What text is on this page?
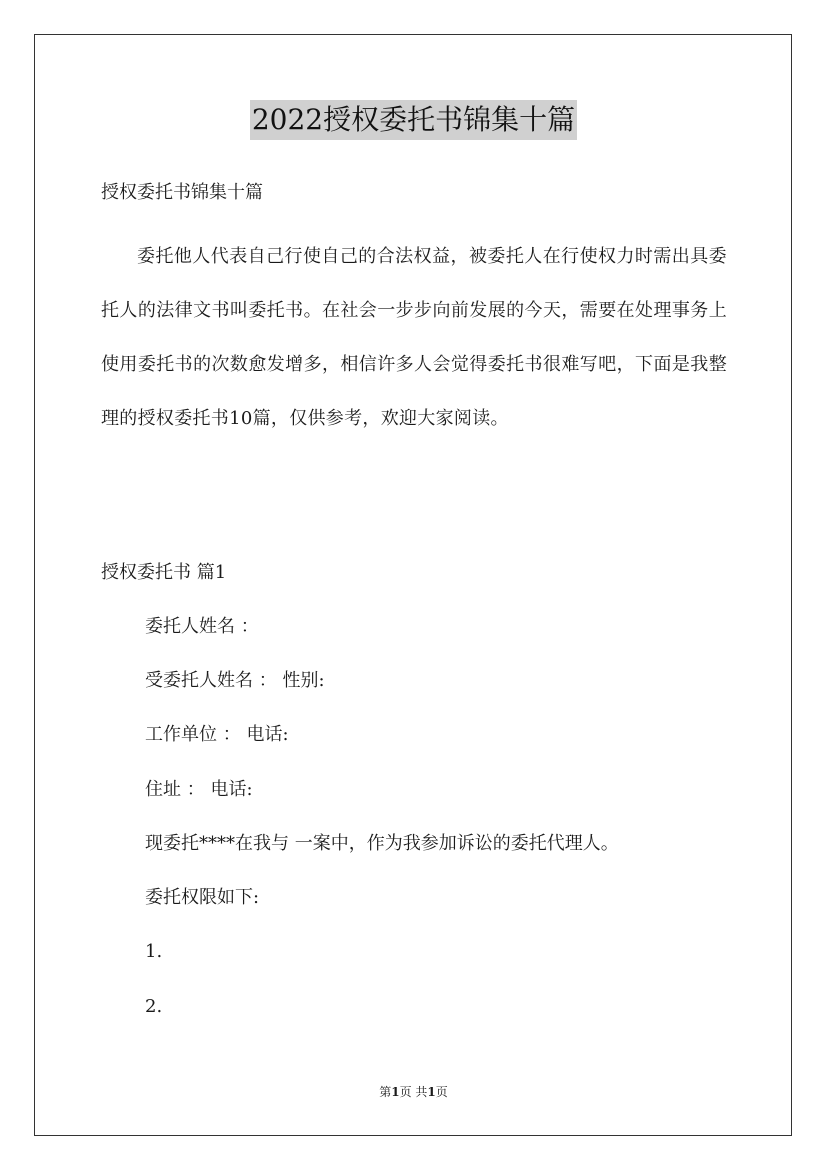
2022授权委托书锦集十篇

授权委托书锦集十篇

委托他人代表自己行使自己的合法权益，被委托人在行使权力时需出具委托人的法律文书叫委托书。在社会一步步向前发展的今天，需要在处理事务上使用委托书的次数愈发增多，相信许多人会觉得委托书很难写吧，下面是我整理的授权委托书10篇，仅供参考，欢迎大家阅读。

授权委托书 篇1

委托人姓名 ：

受委托人姓名 ： 性别:

工作单位 ： 电话:

住址 ： 电话:

现委托****在我与 一案中，作为我参加诉讼的委托代理人。

委托权限如下:

1.

2.

第1页 共1页
